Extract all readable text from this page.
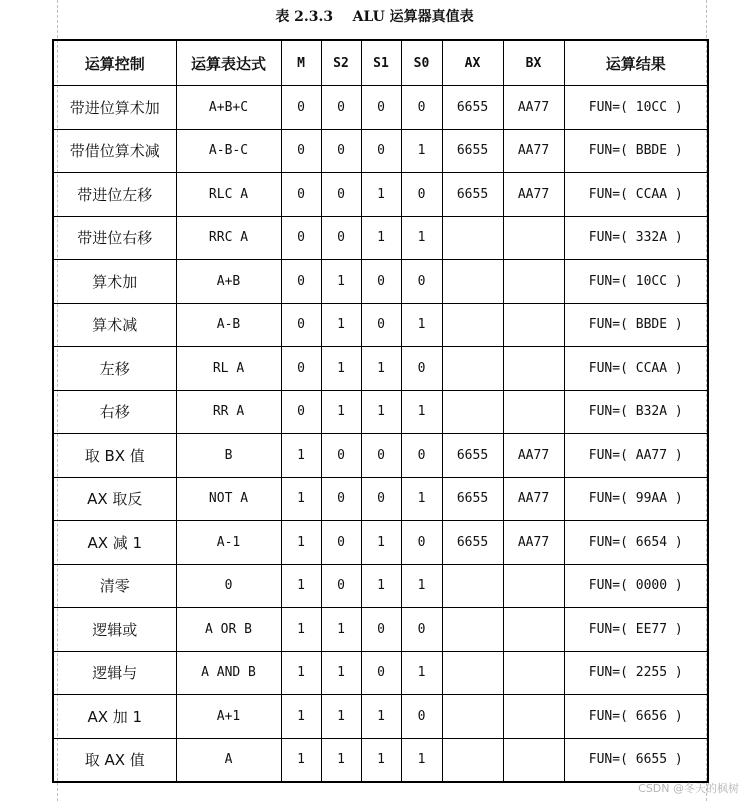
表 2.3.3    ALU 运算器真值表
运算控制	运算表达式	M	S2	S1	S0	AX	BX	运算结果
带进位算术加	A+B+C	0	0	0	0	6655	AA77	FUN=( 10CC )
带借位算术减	A-B-C	0	0	0	1	6655	AA77	FUN=( BBDE )
带进位左移	RLC A	0	0	1	0	6655	AA77	FUN=( CCAA )
带进位右移	RRC A	0	0	1	1			FUN=( 332A )
算术加	A+B	0	1	0	0			FUN=( 10CC )
算术减	A-B	0	1	0	1			FUN=( BBDE )
左移	RL A	0	1	1	0			FUN=( CCAA )
右移	RR A	0	1	1	1			FUN=( B32A )
取 BX 值	B	1	0	0	0	6655	AA77	FUN=( AA77 )
AX 取反	NOT A	1	0	0	1	6655	AA77	FUN=( 99AA )
AX 减 1	A-1	1	0	1	0	6655	AA77	FUN=( 6654 )
清零	0	1	0	1	1			FUN=( 0000 )
逻辑或	A OR B	1	1	0	0			FUN=( EE77 )
逻辑与	A AND B	1	1	0	1			FUN=( 2255 )
AX 加 1	A+1	1	1	1	0			FUN=( 6656 )
取 AX 值	A	1	1	1	1			FUN=( 6655 )
CSDN @冬天的枫树
